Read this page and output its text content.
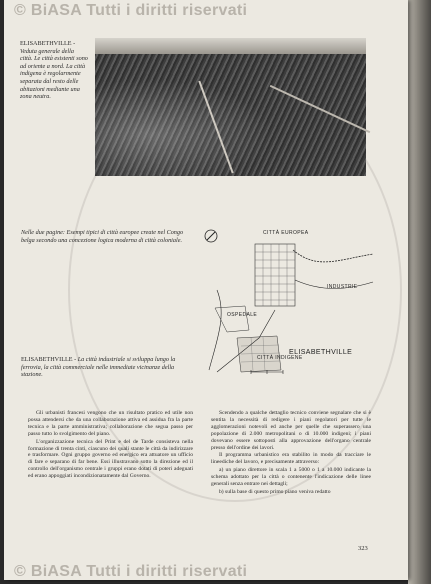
© BiASA Tutti i diritti riservati
ELISABETHVILLE - Veduta generale della città. Le città esistenti sono ad oriente a nord. La città indigena è regolarmente separata dal resto delle abitazioni mediante una zona neutra.
Nelle due pagine: Esempi tipici di città europee create nel Congo belga secondo una concezione logica moderna di città coloniale.
CITTÀ EUROPEA
INDUSTRIE
OSPEDALE
CITTÀ INDIGENE
ELISABETHVILLE
ELISABETHVILLE - La città industriale si sviluppa lungo la ferrovia, la città commerciale nelle immediate vicinanze della stazione.

Gli urbanisti francesi vengono che un risultato pratico ed utile non possa attendersi che da una collaborazione attiva ed assidua fra la parte tecnica e la parte amministrativa; collaborazione che segua passo per passo tutto lo svolgimento del piano.

L'organizzazione tecnica del Print e del de Tarde consisteva nella formazione di trenta cinti, ciascuno dei quali stante le città da indirizzare e trasformare. Ogni gruppo governo ed energico era attuatore un ufficio di fare e separano di far bene. Essi illustravano sotto la direzione ed il controllo dell'organismo centrale i gruppi erano dotati di poteri adeguati ed erano appoggiati incondizionatamente dal Governo.

Scendendo a qualche dettaglio tecnico conviene segnalare che si è sentita la necessità di redigere i piani regolatori per tutte le agglomerazioni notevoli ed anche per quelle che superassero una popolazione di 2.000 metropolitani o di 10.000 indigeni; i piani dovevano essere sottoposti alla approvazione dell'organo centrale presso dell'ordine dei lavori.

Il programma urbanistico era stabilito in modo da tracciare le lineediche del lavoro, e precisamente attraverso:

a) un piano direttore in scala 1 a 5000 o 1 a 10.000 indicante la schema adottato per la città o contenente l'indicazione delle linee generali senza entrare nei dettagli;

b) sulla base di questo primo piano veniva redatto

323
© BiASA Tutti i diritti riservati
